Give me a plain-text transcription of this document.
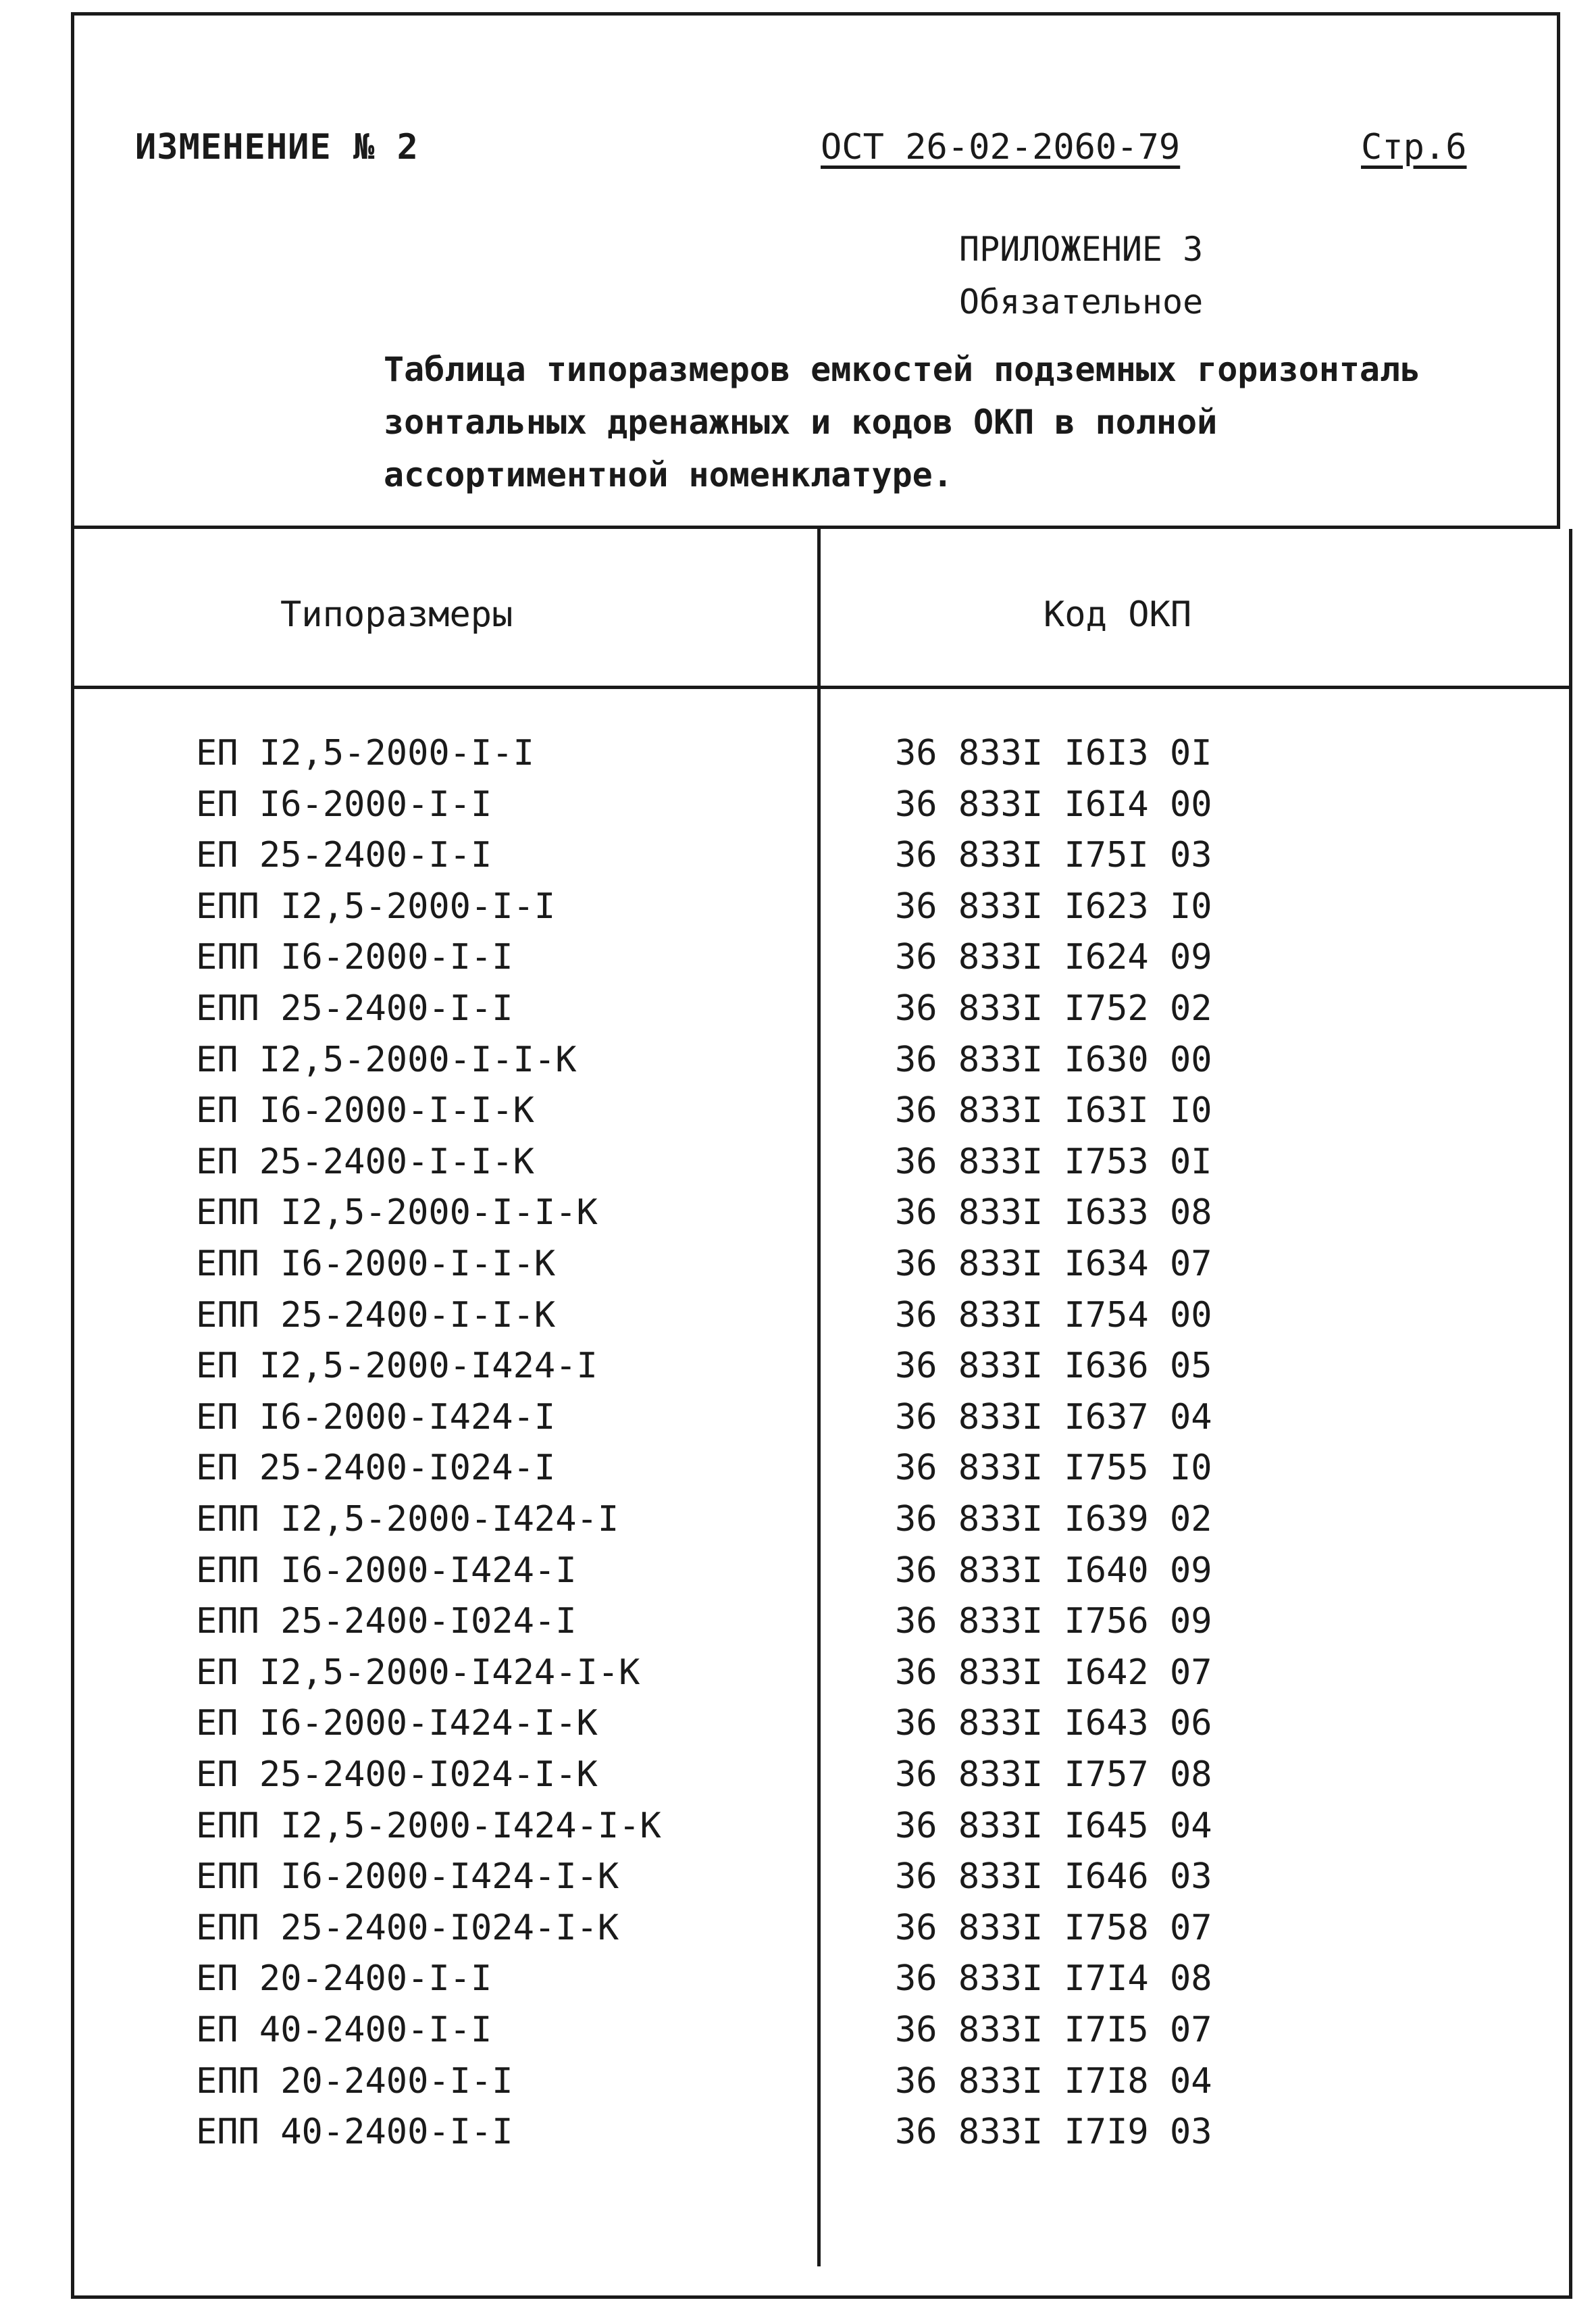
ИЗМЕНЕНИЕ № 2	ОСТ 26-02-2060-79	Стр.6
ПРИЛОЖЕНИЕ 3
Обязательное

Таблица типоразмеров емкостей подземных горизонталь
зонтальных дренажных и кодов ОКП в полной
ассортиментной номенклатуре.

Типоразмеры	Код ОКП
ЕП I2,5-2000-I-I	36 833I I6I3 0I
ЕП I6-2000-I-I	36 833I I6I4 00
ЕП 25-2400-I-I	36 833I I75I 03
ЕПП I2,5-2000-I-I	36 833I I623 I0
ЕПП I6-2000-I-I	36 833I I624 09
ЕПП 25-2400-I-I	36 833I I752 02
ЕП I2,5-2000-I-I-К	36 833I I630 00
ЕП I6-2000-I-I-К	36 833I I63I I0
ЕП 25-2400-I-I-К	36 833I I753 0I
ЕПП I2,5-2000-I-I-К	36 833I I633 08
ЕПП I6-2000-I-I-К	36 833I I634 07
ЕПП 25-2400-I-I-К	36 833I I754 00
ЕП I2,5-2000-I424-I	36 833I I636 05
ЕП I6-2000-I424-I	36 833I I637 04
ЕП 25-2400-I024-I	36 833I I755 I0
ЕПП I2,5-2000-I424-I	36 833I I639 02
ЕПП I6-2000-I424-I	36 833I I640 09
ЕПП 25-2400-I024-I	36 833I I756 09
ЕП I2,5-2000-I424-I-К	36 833I I642 07
ЕП I6-2000-I424-I-К	36 833I I643 06
ЕП 25-2400-I024-I-К	36 833I I757 08
ЕПП I2,5-2000-I424-I-К	36 833I I645 04
ЕПП I6-2000-I424-I-К	36 833I I646 03
ЕПП 25-2400-I024-I-К	36 833I I758 07
ЕП 20-2400-I-I	36 833I I7I4 08
ЕП 40-2400-I-I	36 833I I7I5 07
ЕПП 20-2400-I-I	36 833I I7I8 04
ЕПП 40-2400-I-I	36 833I I7I9 03
